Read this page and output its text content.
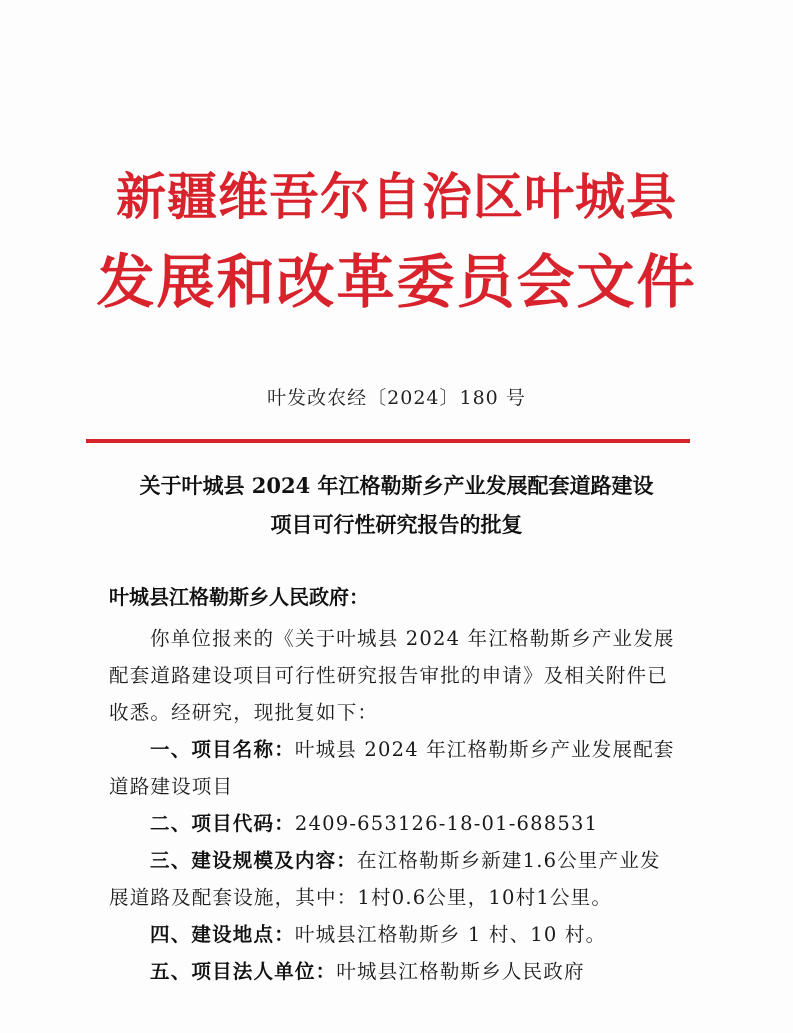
新疆维吾尔自治区叶城县
发展和改革委员会文件
叶发改农经〔2024〕180 号
关于叶城县 2024 年江格勒斯乡产业发展配套道路建设
项目可行性研究报告的批复
叶城县江格勒斯乡人民政府：
你单位报来的《关于叶城县 2024 年江格勒斯乡产业发展
配套道路建设项目可行性研究报告审批的申请》及相关附件已
收悉。经研究，现批复如下：
一、项目名称：叶城县 2024 年江格勒斯乡产业发展配套
道路建设项目
二、项目代码：2409-653126-18-01-688531
三、建设规模及内容：在江格勒斯乡新建1.6公里产业发
展道路及配套设施，其中：1村0.6公里，10村1公里。
四、建设地点：叶城县江格勒斯乡 1 村、10 村。
五、项目法人单位：叶城县江格勒斯乡人民政府
